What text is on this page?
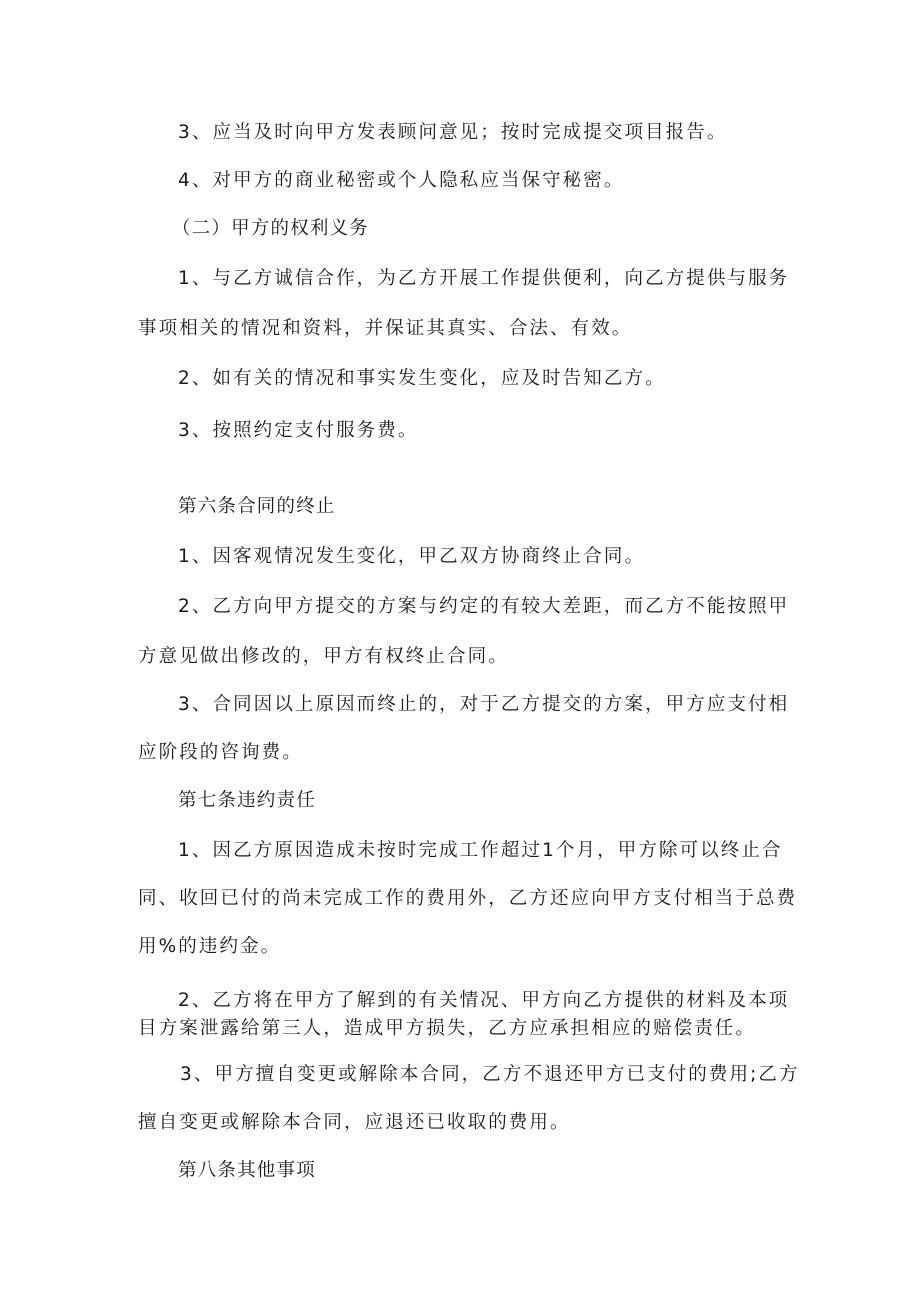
3、应当及时向甲方发表顾问意见；按时完成提交项目报告。
4、对甲方的商业秘密或个人隐私应当保守秘密。
（二）甲方的权利义务
1、与乙方诚信合作，为乙方开展工作提供便利，向乙方提供与服务
事项相关的情况和资料，并保证其真实、合法、有效。
2、如有关的情况和事实发生变化，应及时告知乙方。
3、按照约定支付服务费。
第六条合同的终止
1、因客观情况发生变化，甲乙双方协商终止合同。
2、乙方向甲方提交的方案与约定的有较大差距，而乙方不能按照甲
方意见做出修改的，甲方有权终止合同。
3、合同因以上原因而终止的，对于乙方提交的方案，甲方应支付相
应阶段的咨询费。
第七条违约责任
1、因乙方原因造成未按时完成工作超过1个月，甲方除可以终止合
同、收回已付的尚未完成工作的费用外，乙方还应向甲方支付相当于总费
用%的违约金。
2、乙方将在甲方了解到的有关情况、甲方向乙方提供的材料及本项
目方案泄露给第三人，造成甲方损失，乙方应承担相应的赔偿责任。
3、甲方擅自变更或解除本合同，乙方不退还甲方已支付的费用;乙方
擅自变更或解除本合同，应退还已收取的费用。
第八条其他事项
